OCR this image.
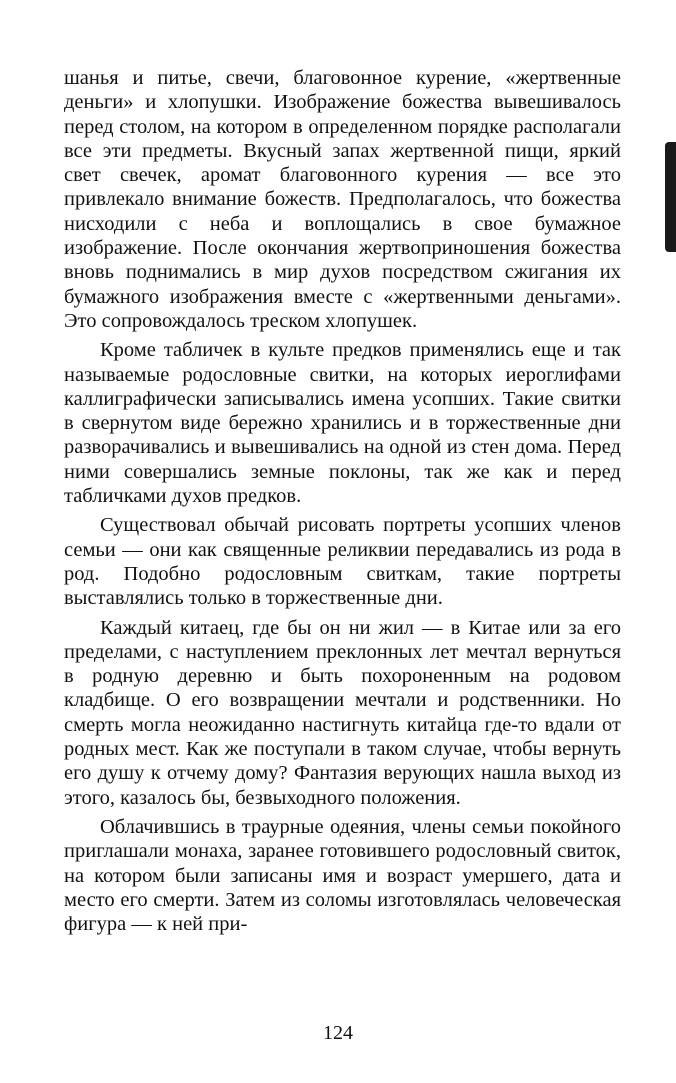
шанья и питье, свечи, благовонное курение, «жертвенные деньги» и хлопушки. Изображение божества вывешивалось перед столом, на котором в определенном порядке располагали все эти предметы. Вкусный запах жертвенной пищи, яркий свет свечек, аромат благовонного курения — все это привлекало внимание божеств. Предполагалось, что божества нисходили с неба и воплощались в свое бумажное изображение. После окончания жертвоприношения божества вновь поднимались в мир духов посредством сжигания их бумажного изображения вместе с «жертвенными деньгами». Это сопровождалось треском хлопушек.

Кроме табличек в культе предков применялись еще и так называемые родословные свитки, на которых иероглифами каллиграфически записывались имена усопших. Такие свитки в свернутом виде бережно хранились и в торжественные дни разворачивались и вывешивались на одной из стен дома. Перед ними совершались земные поклоны, так же как и перед табличками духов предков.

Существовал обычай рисовать портреты усопших членов семьи — они как священные реликвии передавались из рода в род. Подобно родословным свиткам, такие портреты выставлялись только в торжественные дни.

Каждый китаец, где бы он ни жил — в Китае или за его пределами, с наступлением преклонных лет мечтал вернуться в родную деревню и быть похороненным на родовом кладбище. О его возвращении мечтали и родственники. Но смерть могла неожиданно настигнуть китайца где-то вдали от родных мест. Как же поступали в таком случае, чтобы вернуть его душу к отчему дому? Фантазия верующих нашла выход из этого, казалось бы, безвыходного положения.

Облачившись в траурные одеяния, члены семьи покойного приглашали монаха, заранее готовившего родословный свиток, на котором были записаны имя и возраст умершего, дата и место его смерти. Затем из соломы изготовлялась человеческая фигура — к ней при-

124
